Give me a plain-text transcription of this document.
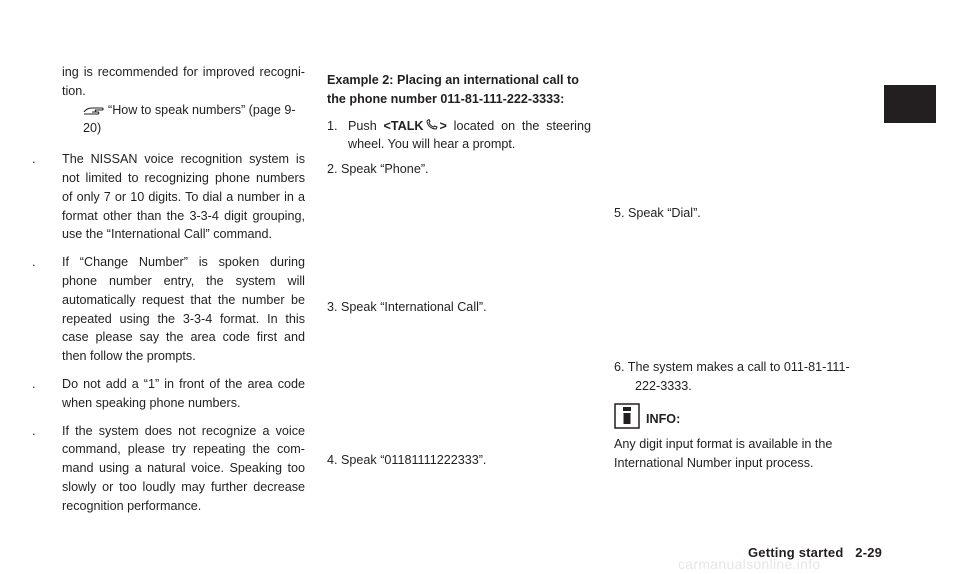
ing is recommended for improved recogni-tion.

“How to speak numbers” (page 9-20)

. The NISSAN voice recognition system is not limited to recognizing phone numbers of only 7 or 10 digits. To dial a number in a format other than the 3-3-4 digit grouping, use the “International Call” command.

. If “Change Number” is spoken during phone number entry, the system will automatically request that the number be repeated using the 3-3-4 format. In this case please say the area code first and then follow the prompts.

. Do not add a “1” in front of the area code when speaking phone numbers.

. If the system does not recognize a voice command, please try repeating the com-mand using a natural voice. Speaking too slowly or too loudly may further decrease recognition performance.

Example 2: Placing an international call to the phone number 011-81-111-222-3333:

1. Push <TALK > located on the steering wheel. You will hear a prompt.

2. Speak “Phone”.

3. Speak “International Call”.

4. Speak “01181111222333”.

5. Speak “Dial”.

6. The system makes a call to 011-81-111-

222-3333.

INFO:

Any digit input format is available in the International Number input process.

Getting started 2-29
carmanualsonline.info
